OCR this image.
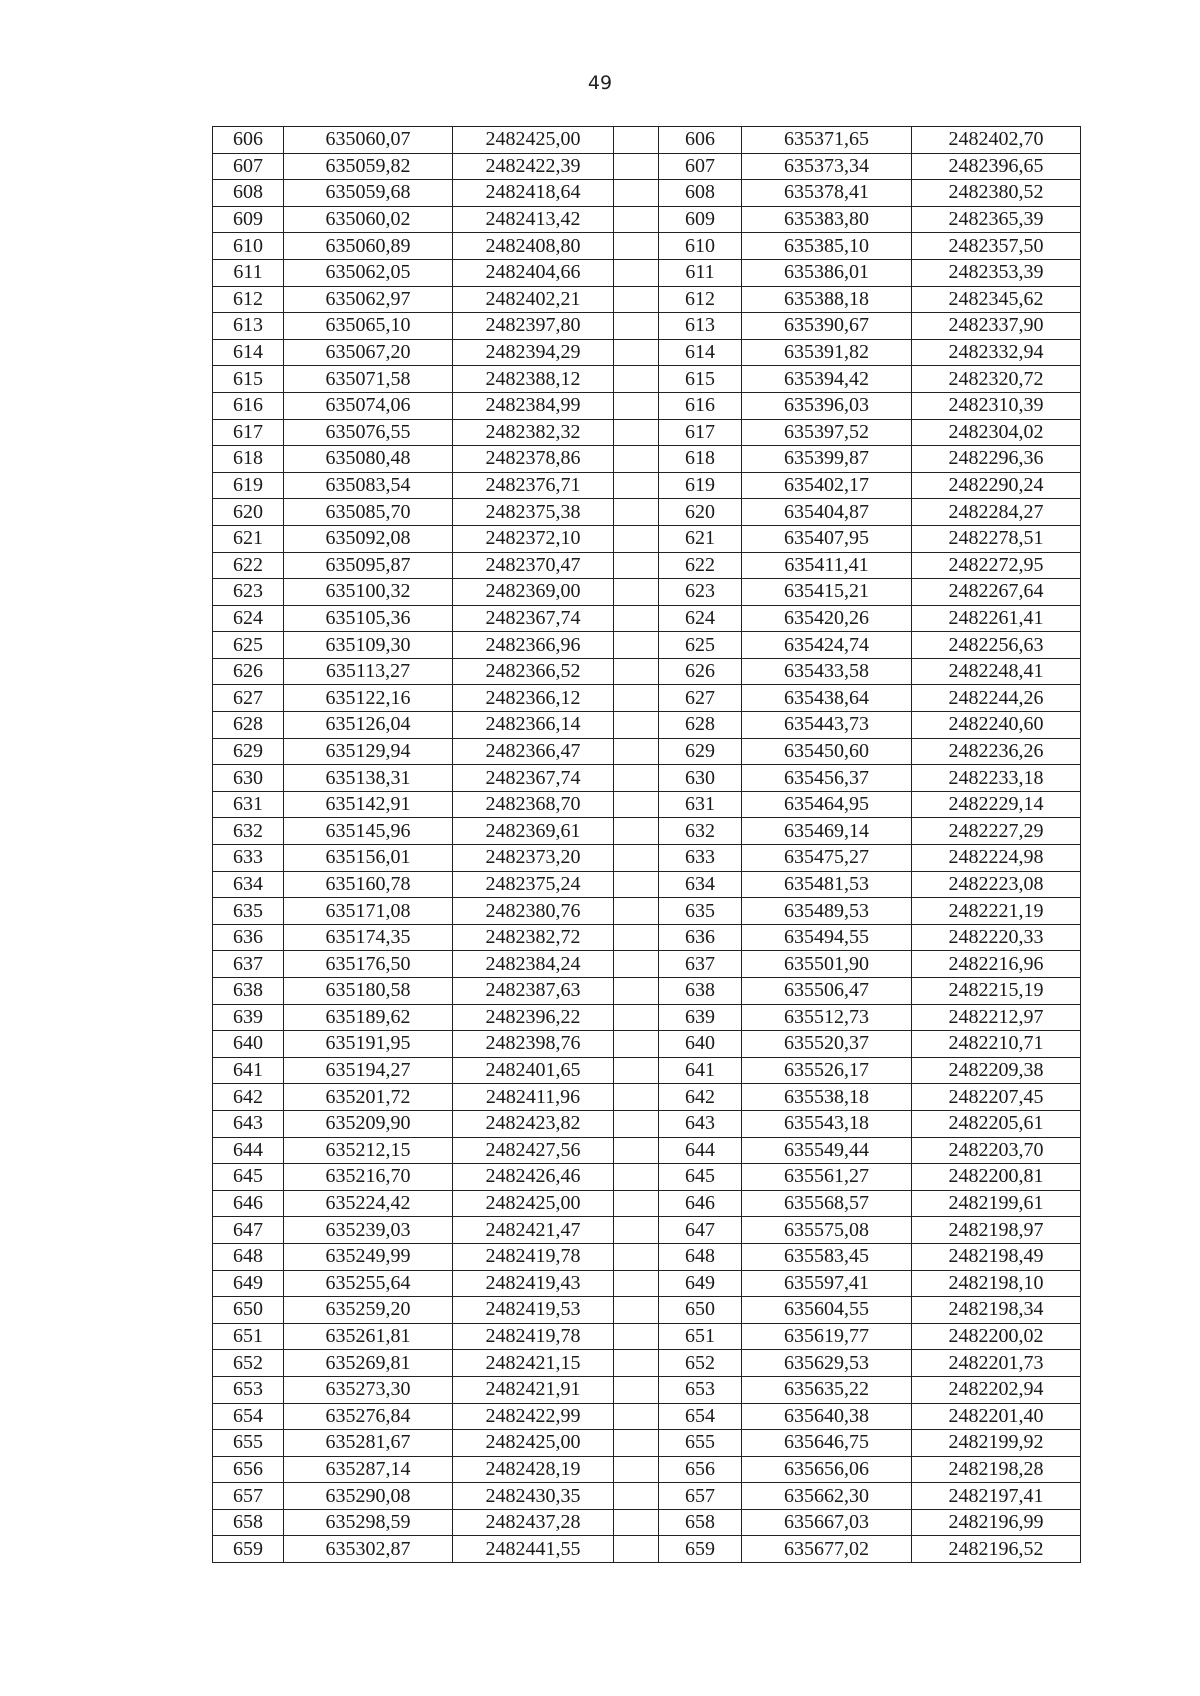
49
606	635060,07	2482425,00		606	635371,65	2482402,70
607	635059,82	2482422,39		607	635373,34	2482396,65
608	635059,68	2482418,64		608	635378,41	2482380,52
609	635060,02	2482413,42		609	635383,80	2482365,39
610	635060,89	2482408,80		610	635385,10	2482357,50
611	635062,05	2482404,66		611	635386,01	2482353,39
612	635062,97	2482402,21		612	635388,18	2482345,62
613	635065,10	2482397,80		613	635390,67	2482337,90
614	635067,20	2482394,29		614	635391,82	2482332,94
615	635071,58	2482388,12		615	635394,42	2482320,72
616	635074,06	2482384,99		616	635396,03	2482310,39
617	635076,55	2482382,32		617	635397,52	2482304,02
618	635080,48	2482378,86		618	635399,87	2482296,36
619	635083,54	2482376,71		619	635402,17	2482290,24
620	635085,70	2482375,38		620	635404,87	2482284,27
621	635092,08	2482372,10		621	635407,95	2482278,51
622	635095,87	2482370,47		622	635411,41	2482272,95
623	635100,32	2482369,00		623	635415,21	2482267,64
624	635105,36	2482367,74		624	635420,26	2482261,41
625	635109,30	2482366,96		625	635424,74	2482256,63
626	635113,27	2482366,52		626	635433,58	2482248,41
627	635122,16	2482366,12		627	635438,64	2482244,26
628	635126,04	2482366,14		628	635443,73	2482240,60
629	635129,94	2482366,47		629	635450,60	2482236,26
630	635138,31	2482367,74		630	635456,37	2482233,18
631	635142,91	2482368,70		631	635464,95	2482229,14
632	635145,96	2482369,61		632	635469,14	2482227,29
633	635156,01	2482373,20		633	635475,27	2482224,98
634	635160,78	2482375,24		634	635481,53	2482223,08
635	635171,08	2482380,76		635	635489,53	2482221,19
636	635174,35	2482382,72		636	635494,55	2482220,33
637	635176,50	2482384,24		637	635501,90	2482216,96
638	635180,58	2482387,63		638	635506,47	2482215,19
639	635189,62	2482396,22		639	635512,73	2482212,97
640	635191,95	2482398,76		640	635520,37	2482210,71
641	635194,27	2482401,65		641	635526,17	2482209,38
642	635201,72	2482411,96		642	635538,18	2482207,45
643	635209,90	2482423,82		643	635543,18	2482205,61
644	635212,15	2482427,56		644	635549,44	2482203,70
645	635216,70	2482426,46		645	635561,27	2482200,81
646	635224,42	2482425,00		646	635568,57	2482199,61
647	635239,03	2482421,47		647	635575,08	2482198,97
648	635249,99	2482419,78		648	635583,45	2482198,49
649	635255,64	2482419,43		649	635597,41	2482198,10
650	635259,20	2482419,53		650	635604,55	2482198,34
651	635261,81	2482419,78		651	635619,77	2482200,02
652	635269,81	2482421,15		652	635629,53	2482201,73
653	635273,30	2482421,91		653	635635,22	2482202,94
654	635276,84	2482422,99		654	635640,38	2482201,40
655	635281,67	2482425,00		655	635646,75	2482199,92
656	635287,14	2482428,19		656	635656,06	2482198,28
657	635290,08	2482430,35		657	635662,30	2482197,41
658	635298,59	2482437,28		658	635667,03	2482196,99
659	635302,87	2482441,55		659	635677,02	2482196,52
